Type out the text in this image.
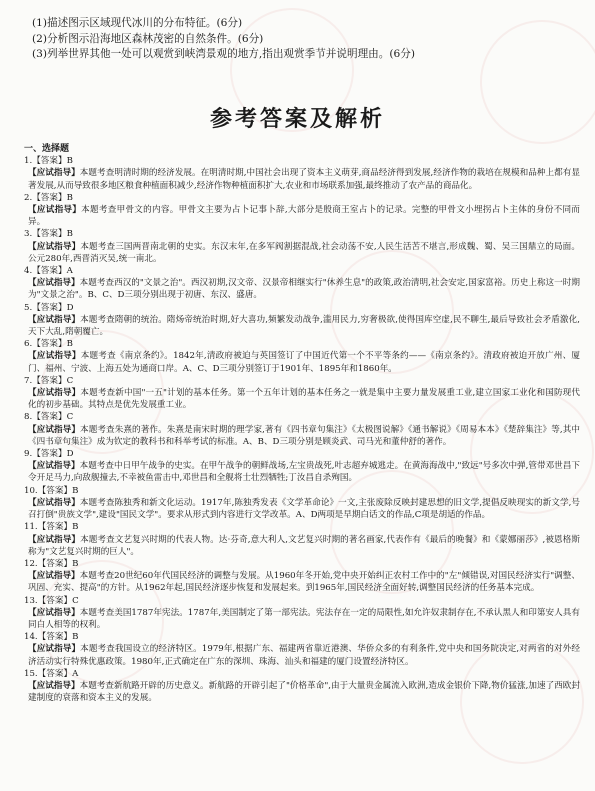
(1)描述图示区域现代冰川的分布特征。(6分)

(2)分析图示沿海地区森林茂密的自然条件。(6分)

(3)列举世界其他一处可以观赏到峡湾景观的地方,指出观赏季节并说明理由。(6分)

参考答案及解析

一、选择题

1.【答案】B

【应试指导】本题考查明清时期的经济发展。在明清时期,中国社会出现了资本主义萌芽,商品经济得到发展,经济作物的栽培在规模和品种上都有显著发展,从而导致很多地区粮食种植面积减少,经济作物种植面积扩大,农业和市场联系加强,最终推动了农产品的商品化。

2.【答案】B

【应试指导】本题考查甲骨文的内容。甲骨文主要为占卜记事卜辞,大部分是殷商王室占卜的记录。完整的甲骨文小埋拐占卜主体的身份不同而异。

3.【答案】B

【应试指导】本题考查三国两晋南北朝的史实。东汉末年,在多军阀割据混战,社会动荡不安,人民生活苦不堪言,形成魏、蜀、吴三国鼎立的局面。公元280年,西晋消灭吴,统一南北。

4.【答案】A

【应试指导】本题考查西汉的"文景之治"。西汉初期,汉文帝、汉景帝相继实行"休养生息"的政策,政治清明,社会安定,国家富裕。历史上称这一时期为"文景之治"。B、C、D三项分别出现于初唐、东汉、盛唐。

5.【答案】D

【应试指导】本题考查隋朝的统治。隋炀帝统治时期,好大喜功,频繁发动战争,滥用民力,穷奢极欲,使得国库空虚,民不聊生,最后导致社会矛盾激化,天下大乱,隋朝覆亡。

6.【答案】B

【应试指导】本题考查《南京条约》。1842年,清政府被迫与英国签订了中国近代第一个不平等条约——《南京条约》。清政府被迫开放广州、厦门、福州、宁波、上海五处为通商口岸。A、C、D三项分别签订于1901年、1895年和1860年。

7.【答案】C

【应试指导】本题考查新中国"一五"计划的基本任务。第一个五年计划的基本任务之一就是集中主要力量发展重工业,建立国家工业化和国防现代化的初步基础。其特点是优先发展重工业。

8.【答案】C

【应试指导】本题考查朱熹的著作。朱熹是南宋时期的理学家,著有《四书章句集注》《太极图说解》《通书解说》《周易本本》《楚辞集注》等,其中《四书章句集注》成为钦定的教科书和科举考试的标准。A、B、D三项分别是顾炎武、司马光和董仲舒的著作。

9.【答案】D

【应试指导】本题考查中日甲午战争的史实。在甲午战争的朝鲜战场,左宝贵战死,叶志超弃城逃走。在黄海海战中,"致远"号多次中弹,管带邓世昌下令开足马力,向敌舰撞去,不幸被鱼雷击中,邓世昌和全舰将士壮烈牺牲;丁汝昌自杀殉国。

10.【答案】B

【应试指导】本题考查陈独秀和新文化运动。1917年,陈独秀发表《文学革命论》一文,主张废除反映封建思想的旧文学,提倡反映现实的新文学,号召打倒"贵族文学",建设"国民文学"。要求从形式到内容进行文学改革。A、D两项是早期白话文的作品,C项是胡适的作品。

11.【答案】B

【应试指导】本题考查文艺复兴时期的代表人物。达·芬奇,意大利人,文艺复兴时期的著名画家,代表作有《最后的晚餐》和《蒙娜丽莎》,被恩格斯称为"文艺复兴时期的巨人"。

12.【答案】B

【应试指导】本题考查20世纪60年代国民经济的调整与发展。从1960年冬开始,党中央开始纠正农村工作中的"左"倾错误,对国民经济实行"调整、巩固、充实、提高"的方针。从1962年起,国民经济逐步恢复和发展起来。到1965年,国民经济全面好转,调整国民经济的任务基本完成。

13.【答案】C

【应试指导】本题考查美国1787年宪法。1787年,美国制定了第一部宪法。宪法存在一定的局限性,如允许奴隶制存在,不承认黑人和印第安人具有同白人相等的权利。

14.【答案】B

【应试指导】本题考查我国设立的经济特区。1979年,根据广东、福建两省靠近港澳、华侨众多的有利条件,党中央和国务院决定,对两省的对外经济活动实行特殊优惠政策。1980年,正式确定在广东的深圳、珠海、汕头和福建的厦门设置经济特区。

15.【答案】A

【应试指导】本题考查新航路开辟的历史意义。新航路的开辟引起了"价格革命",由于大量贵金属流入欧洲,造成金银价下降,物价猛涨,加速了西欧封建制度的衰落和资本主义的发展。
